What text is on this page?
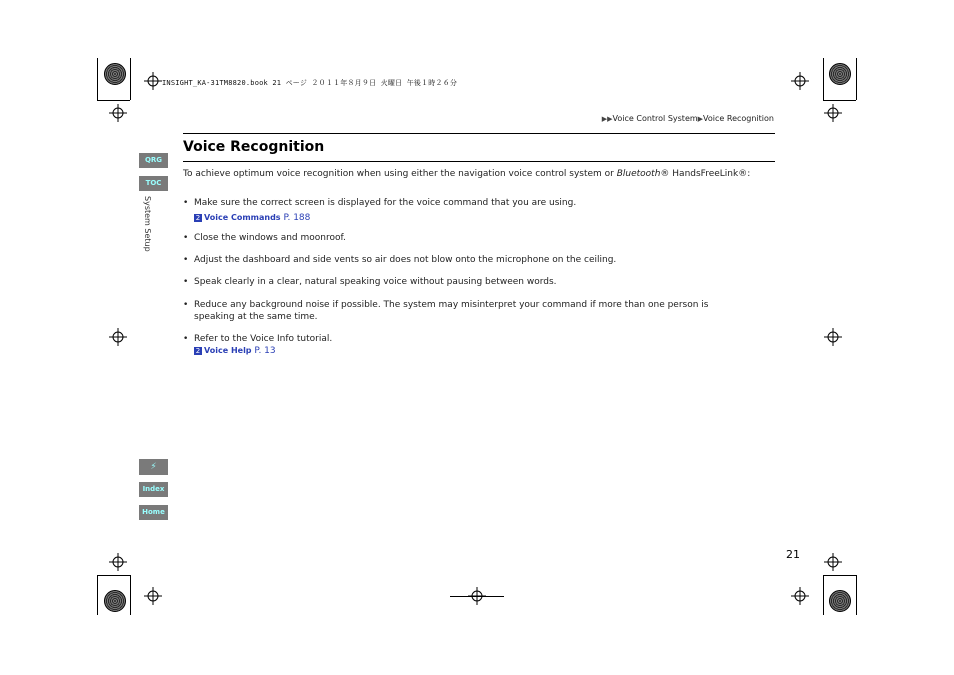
INSIGHT_KA-31TM8820.book 21 ページ ２０１１年８月９日 火曜日 午後１時２６分
▶▶Voice Control System▶Voice Recognition
Voice Recognition
QRG
TOC
System Setup
⚡
Index
Home
To achieve optimum voice recognition when using either the navigation voice control system or Bluetooth® HandsFreeLink®:
• Make sure the correct screen is displayed for the voice command that you are using.
2 Voice Commands P. 188
• Close the windows and moonroof.
• Adjust the dashboard and side vents so air does not blow onto the microphone on the ceiling.
• Speak clearly in a clear, natural speaking voice without pausing between words.
• Reduce any background noise if possible. The system may misinterpret your command if more than one person is speaking at the same time.
• Refer to the Voice Info tutorial.
2 Voice Help P. 13
21
